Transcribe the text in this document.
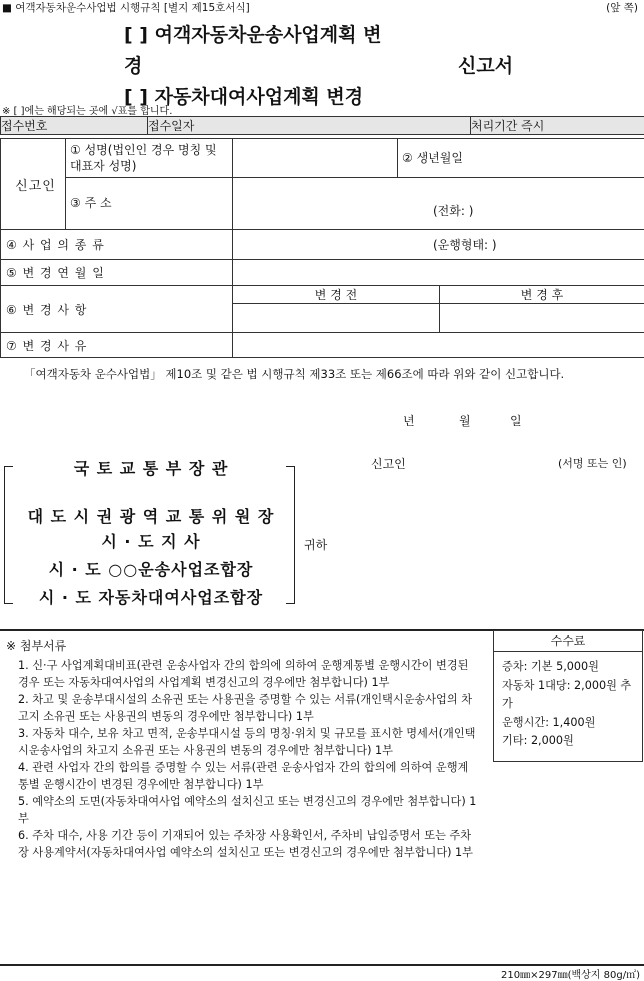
■ 여객자동차운수사업법 시행규칙 [별지 제15호서식]	(앞 쪽)
[ ] 여객자동차운송사업계획 변
경	신고서
[ ] 자동차대여사업계획 변경
※ [ ]에는 해당되는 곳에 √표를 합니다.
접수번호	접수일자	처리기간 즉시
신고인	① 성명(법인인 경우 명칭 및 대표자 성명)		② 생년월일	
	③ 주 소	(전화: )		
④ 사 업 의 종 류		(운행형태: )		
⑤ 변 경 연 월 일				
⑥ 변 경 사 항		변 경 전		변 경 후

⑦ 변 경 사 유				
「여객자동차 운수사업법」 제10조 및 같은 법 시행규칙 제33조 또는 제66조에 따라 위와 같이 신고합니다.
년	월	일
신고인	(서명 또는 인)
국 토 교 통 부 장 관
대 도 시 권 광 역 교 통 위 원 장
시 · 도 지 사
시 · 도 ○○운송사업조합장
시 · 도 자동차대여사업조합장
귀하
※ 첨부서류
1. 신·구 사업계획대비표(관련 운송사업자 간의 합의에 의하여 운행계통별 운행시간이 변경된 경우 또는 자동차대여사업의 사업계획 변경신고의 경우에만 첨부합니다) 1부
2. 차고 및 운송부대시설의 소유권 또는 사용권을 증명할 수 있는 서류(개인택시운송사업의 차고지 소유권 또는 사용권의 변동의 경우에만 첨부합니다) 1부
3. 자동차 대수, 보유 차고 면적, 운송부대시설 등의 명칭·위치 및 규모를 표시한 명세서(개인택시운송사업의 차고지 소유권 또는 사용권의 변동의 경우에만 첨부합니다) 1부
4. 관련 사업자 간의 합의를 증명할 수 있는 서류(관련 운송사업자 간의 합의에 의하여 운행계통별 운행시간이 변경된 경우에만 첨부합니다) 1부
5. 예약소의 도면(자동차대여사업 예약소의 설치신고 또는 변경신고의 경우에만 첨부합니다) 1부
6. 주차 대수, 사용 기간 등이 기재되어 있는 주차장 사용확인서, 주차비 납입증명서 또는 주차장 사용계약서(자동차대여사업 예약소의 설치신고 또는 변경신고의 경우에만 첨부합니다) 1부
수수료
증차: 기본 5,000원
자동차 1대당: 2,000원 추가
운행시간: 1,400원
기타: 2,000원
210㎜×297㎜(백상지 80g/㎡)
